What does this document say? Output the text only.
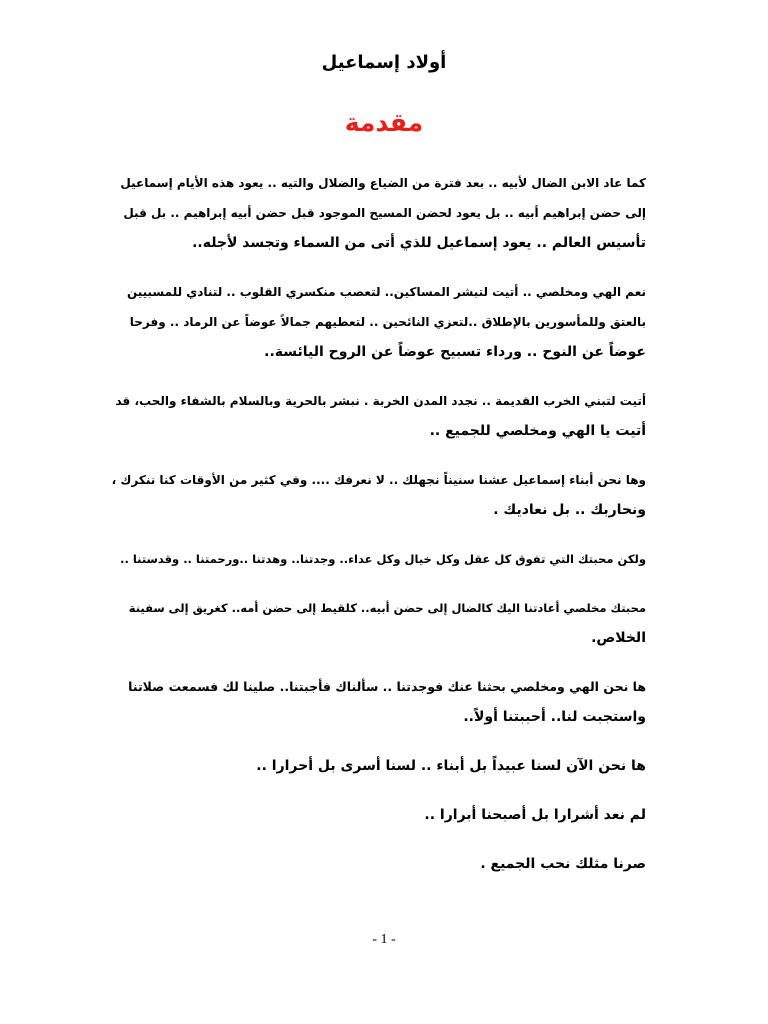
أولاد إسماعيل
مقدمة
كما عاد الابن الضال لأبيه .. بعد فترة من الضياع والضلال والتيه .. يعود هذه الأيام إسماعيل
إلى حضن إبراهيم أبيه .. بل يعود لحضن المسيح الموجود قبل حضن أبيه إبراهيم .. بل قبل
تأسيس العالم .. يعود إسماعيل للذي أتى من السماء وتجسد لأجله..
نعم الهي ومخلصي .. أتيت لتبشر المساكين.. لتعصب منكسري القلوب .. لتنادي للمسبيين
بالعتق وللمأسورين بالإطلاق ..لتعزي النائحين .. لتعطيهم جمالاً عوضاً عن الرماد .. وفرحا
عوضاً عن النوح .. ورداء تسبيح عوضاً عن الروح اليائسة..
أتيت لتبني الخرب القديمة .. نجدد المدن الخربة . نبشر بالحرية وبالسلام بالشفاء والحب، قد
أتيت يا الهي ومخلصي للجميع ..
وها نحن أبناء إسماعيل عشنا سنيناً نجهلك .. لا نعرفك .... وفي كثير من الأوقات كنا ننكرك ،
ونحاربك .. بل نعاديك .
ولكن محبتك التي تفوق كل عقل وكل خيال وكل عداء.. وجدتنا.. وهدتنا ..ورحمتنا .. وقدستنا ..
محبتك مخلصي أعادتنا اليك كالضال إلى حضن أبيه.. كلقيط إلى حضن أمه.. كغريق إلى سفينة
الخلاص.
ها نحن الهي ومخلصي بحثنا عنك فوجدتنا .. سألناك فأجبتنا.. صلينا لك فسمعت صلاتنا
واستجبت لنا.. أحببتنا أولاً..
ها نحن الآن لسنا عبيداً بل أبناء .. لسنا أسرى بل أحرارا ..
لم نعد أشرارا بل أصبحنا أبرارا ..
صرنا مثلك نحب الجميع .
- 1 -
